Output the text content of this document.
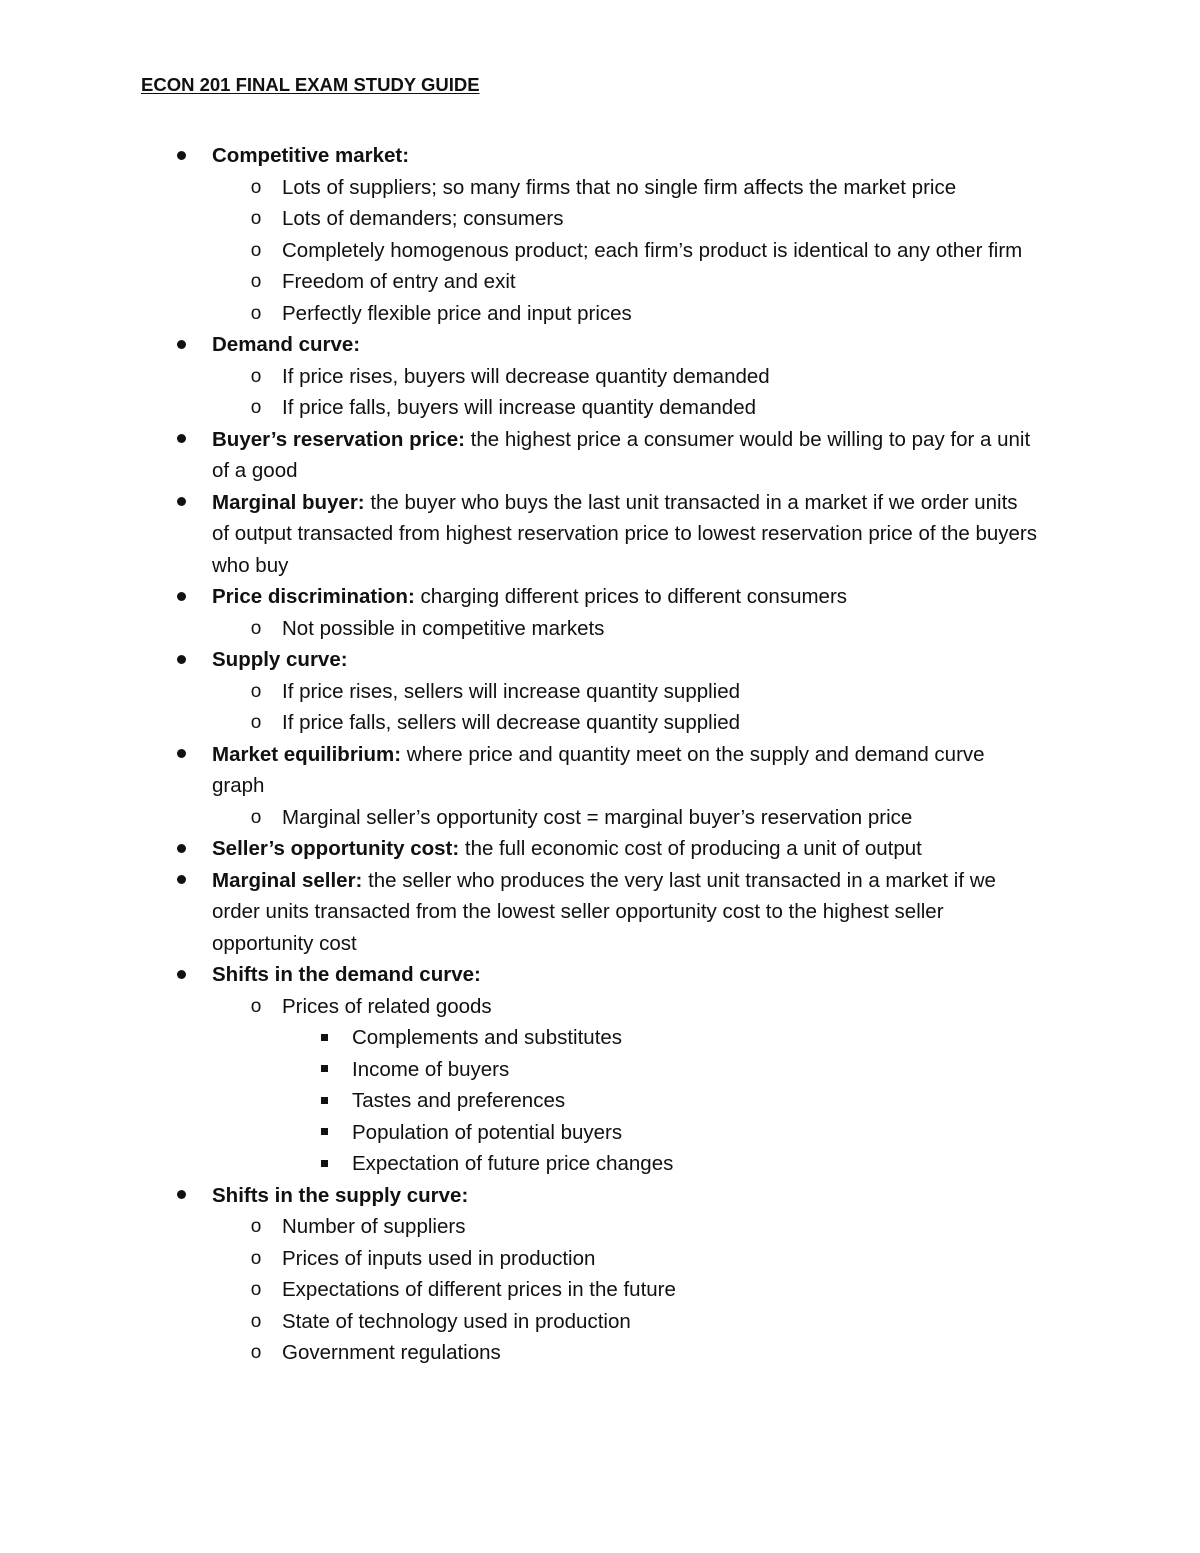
ECON 201 FINAL EXAM STUDY GUIDE
Competitive market:
o	Lots of suppliers; so many firms that no single firm affects the market price
o	Lots of demanders; consumers
o	Completely homogenous product; each firm’s product is identical to any other firm
o	Freedom of entry and exit
o	Perfectly flexible price and input prices
Demand curve:
o	If price rises, buyers will decrease quantity demanded
o	If price falls, buyers will increase quantity demanded
Buyer’s reservation price: the highest price a consumer would be willing to pay for a unit of a good
Marginal buyer: the buyer who buys the last unit transacted in a market if we order units of output transacted from highest reservation price to lowest reservation price of the buyers who buy
Price discrimination: charging different prices to different consumers
o	Not possible in competitive markets
Supply curve:
o	If price rises, sellers will increase quantity supplied
o	If price falls, sellers will decrease quantity supplied
Market equilibrium: where price and quantity meet on the supply and demand curve graph
o	Marginal seller’s opportunity cost = marginal buyer’s reservation price
Seller’s opportunity cost: the full economic cost of producing a unit of output
Marginal seller: the seller who produces the very last unit transacted in a market if we order units transacted from the lowest seller opportunity cost to the highest seller opportunity cost
Shifts in the demand curve:
o	Prices of related goods
Complements and substitutes
Income of buyers
Tastes and preferences
Population of potential buyers
Expectation of future price changes
Shifts in the supply curve:
o	Number of suppliers
o	Prices of inputs used in production
o	Expectations of different prices in the future
o	State of technology used in production
o	Government regulations
